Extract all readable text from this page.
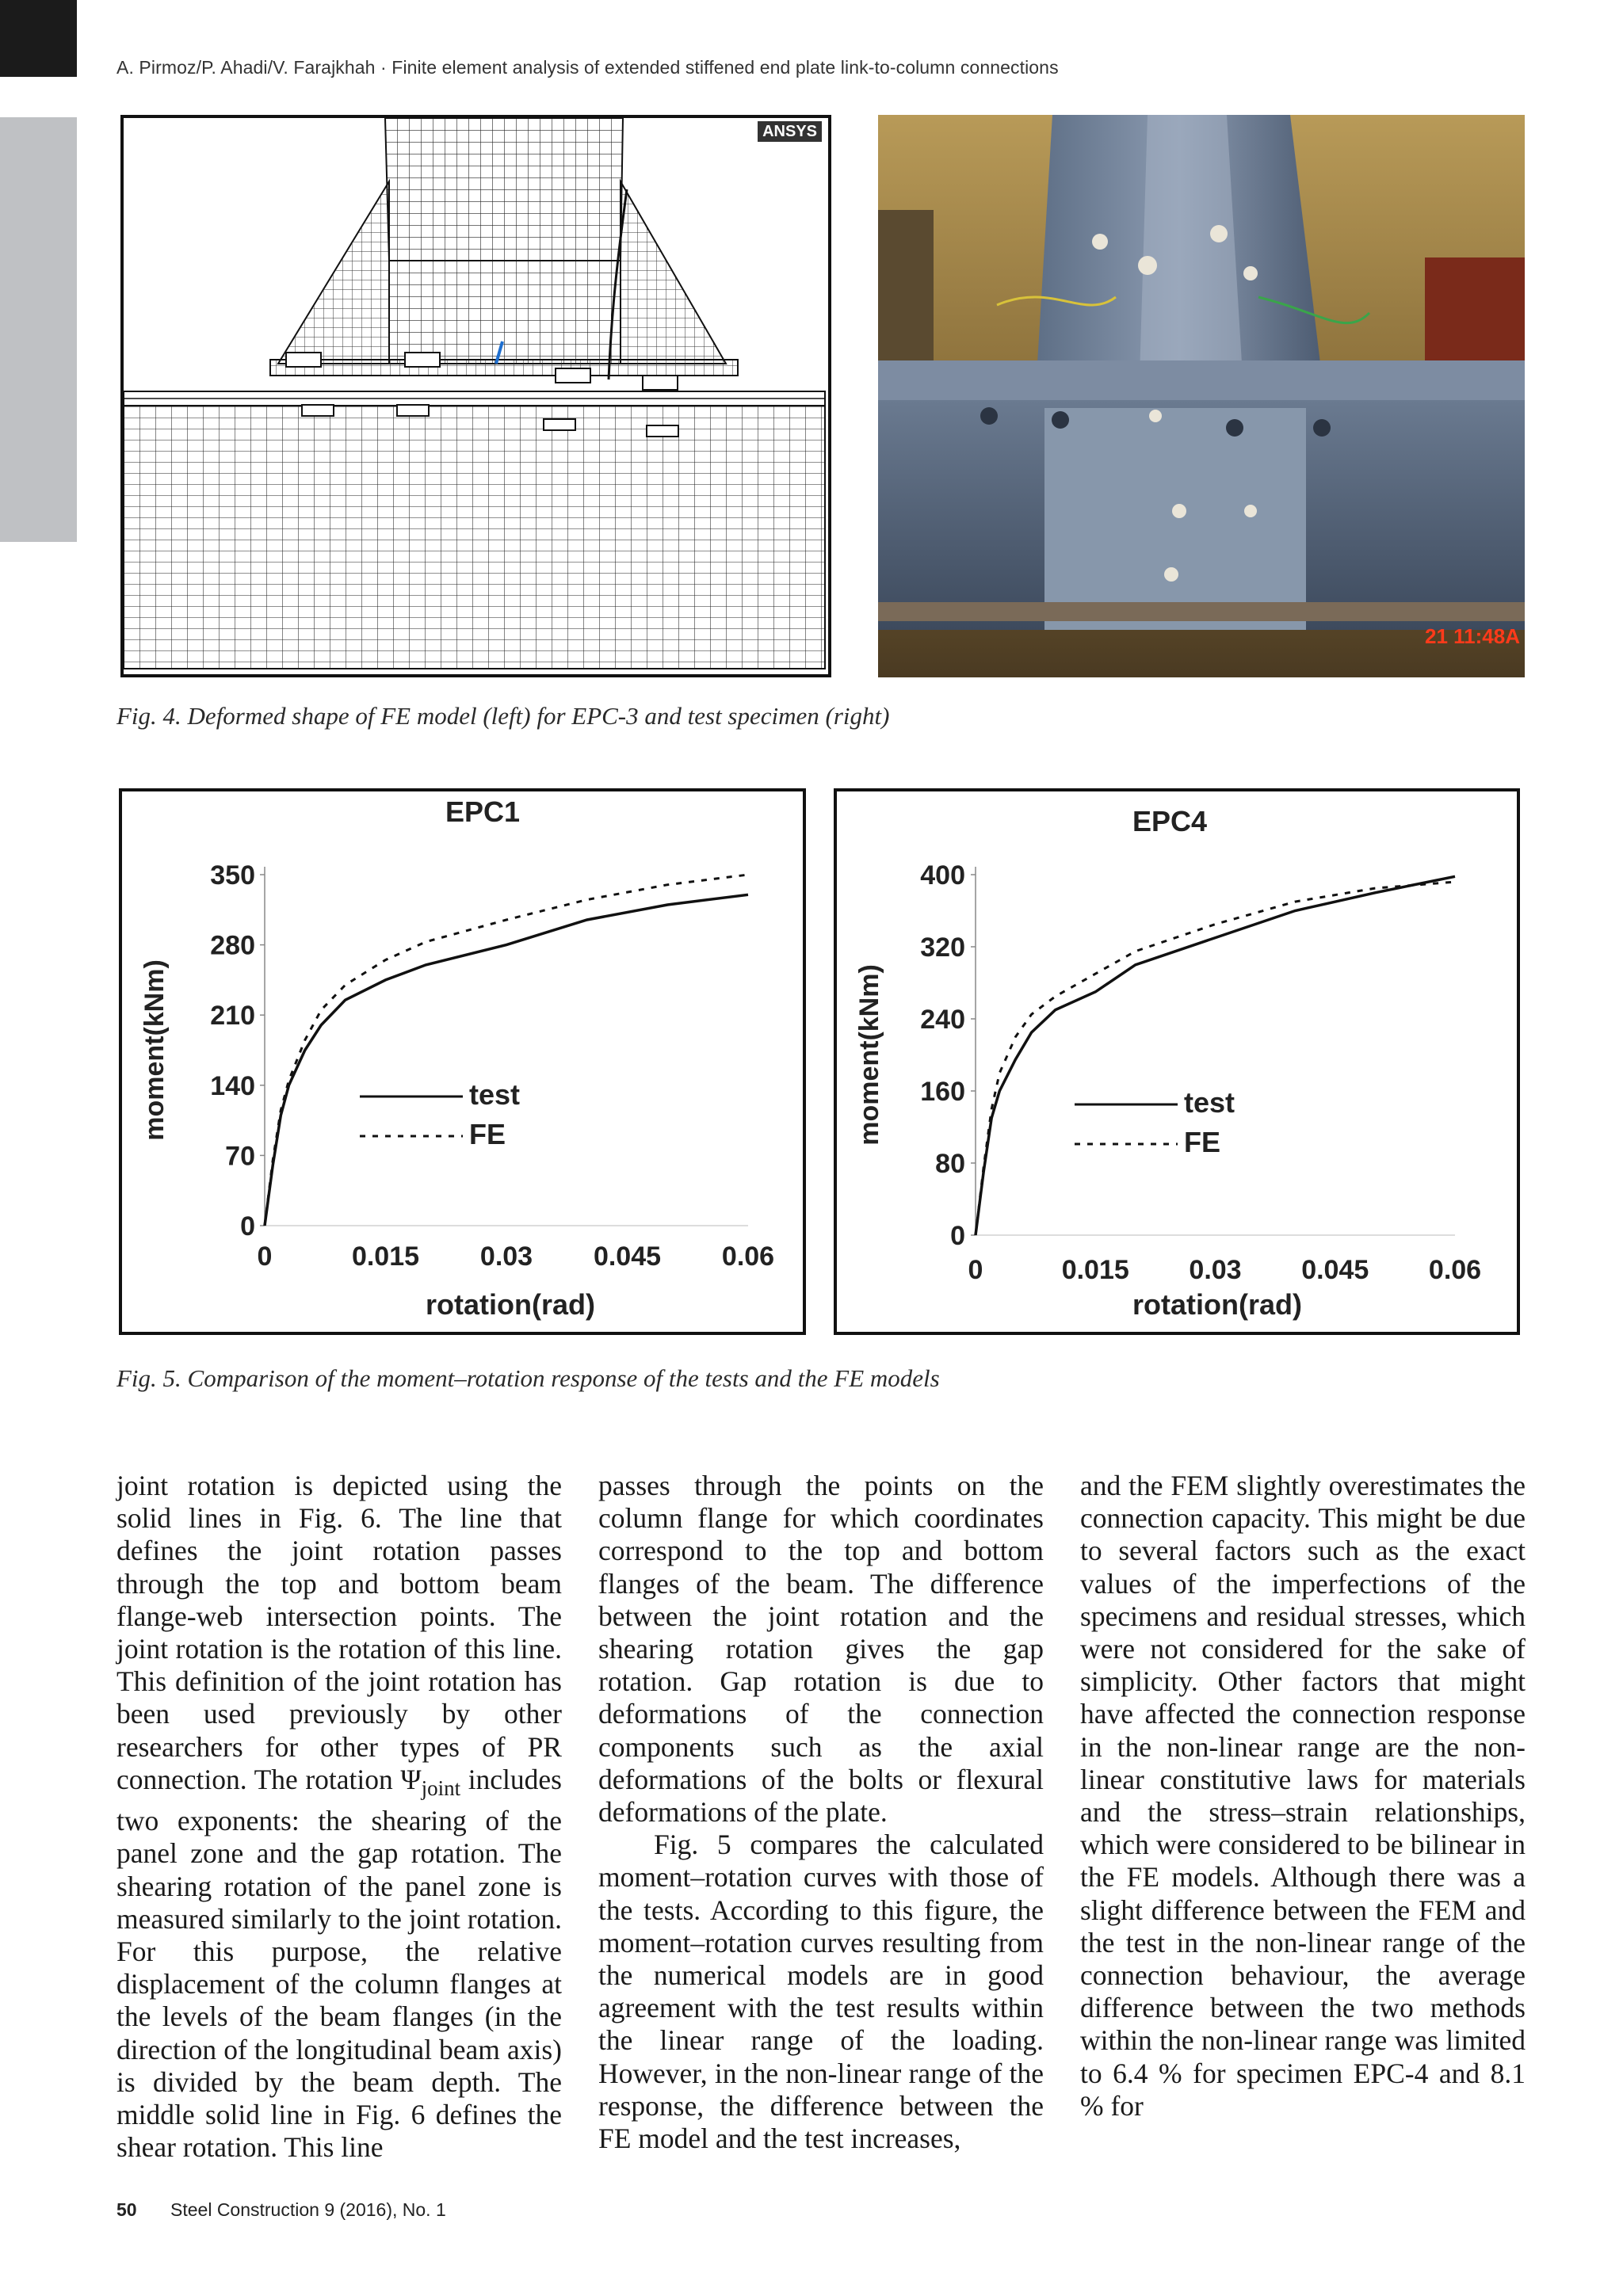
A. Pirmoz/P. Ahadi/V. Farajkhah · Finite element analysis of extended stiffened end plate link-to-column connections
ANSYS
21 11:48A
Fig. 4. Deformed shape of FE model (left) for EPC-3 and test specimen (right)
EPC1
0
70
140
210
280
350
0	0.015 0.03 0.045 0.06
rotation(rad)
moment(kNm)	test
FE
EPC4
0
80
160
240
320
400
0	0.015 0.03 0.045 0.06
rotation(rad)
moment(kNm)	test
FE
Fig. 5. Comparison of the moment–rotation response of the tests and the FE models

joint rotation is depicted using the solid lines in Fig. 6. The line that defines the joint rotation passes through the top and bottom beam flange-web intersection points. The joint rotation is the rotation of this line. This definition of the joint rotation has been used previously by other researchers for other types of PR connection. The rotation $\Psi_{joint}$ includes two exponents: the shearing of the panel zone and the gap rotation. The shearing rotation of the panel zone is measured similarly to the joint rotation. For this purpose, the relative displacement of the column flanges at the levels of the beam flanges (in the direction of the longitudinal beam axis) is divided by the beam depth. The middle solid line in Fig. 6 defines the shear rotation. This line

passes through the points on the column flange for which coordinates correspond to the top and bottom flanges of the beam. The difference between the joint rotation and the shearing rotation gives the gap rotation. Gap rotation is due to deformations of the connection components such as the axial deformations of the bolts or flexural deformations of the plate.

Fig. 5 compares the calculated moment–rotation curves with those of the tests. According to this figure, the moment–rotation curves resulting from the numerical models are in good agreement with the test results within the linear range of the loading. However, in the non-linear range of the response, the difference between the FE model and the test increases,

and the FEM slightly overestimates the connection capacity. This might be due to several factors such as the exact values of the imperfections of the specimens and residual stresses, which were not considered for the sake of simplicity. Other factors that might have affected the connection response in the non-linear range are the non-linear constitutive laws for materials and the stress–strain relationships, which were considered to be bilinear in the FE models. Although there was a slight difference between the FEM and the test in the non-linear range of the connection behaviour, the average difference between the two methods within the non-linear range was limited to 6.4 % for specimen EPC-4 and 8.1 % for

50 Steel Construction 9 (2016), No. 1
